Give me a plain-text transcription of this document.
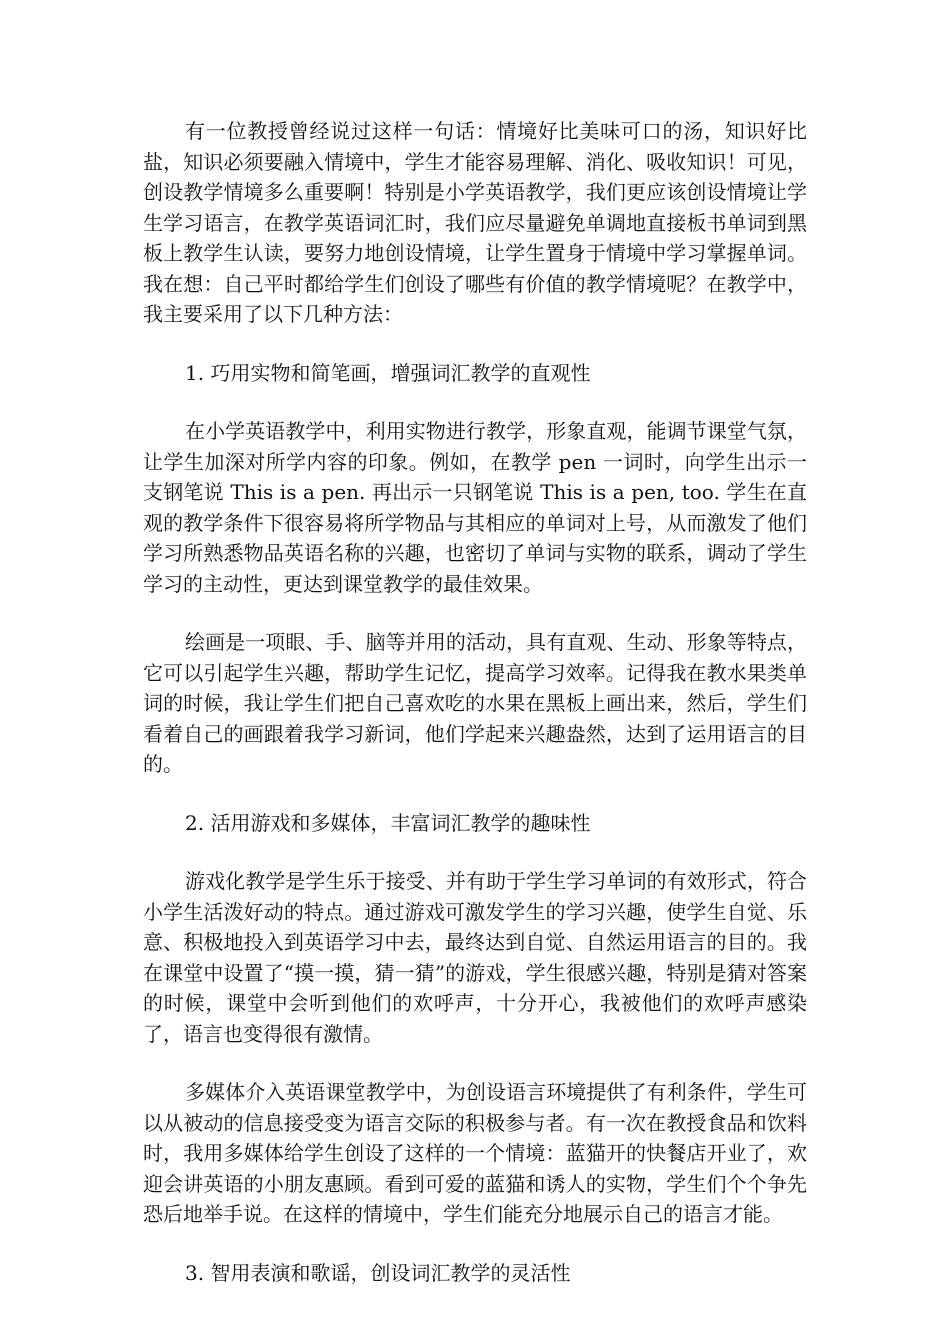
有一位教授曾经说过这样一句话：情境好比美味可口的汤，知识好比盐，知识必须要融入情境中，学生才能容易理解、消化、吸收知识！可见，创设教学情境多么重要啊！特别是小学英语教学，我们更应该创设情境让学生学习语言，在教学英语词汇时，我们应尽量避免单调地直接板书单词到黑板上教学生认读，要努力地创设情境，让学生置身于情境中学习掌握单词。我在想：自己平时都给学生们创设了哪些有价值的教学情境呢？在教学中，我主要采用了以下几种方法：

1. 巧用实物和简笔画，增强词汇教学的直观性

在小学英语教学中，利用实物进行教学，形象直观，能调节课堂气氛，让学生加深对所学内容的印象。例如，在教学 pen 一词时，向学生出示一支钢笔说 This is a pen. 再出示一只钢笔说 This is a pen, too. 学生在直观的教学条件下很容易将所学物品与其相应的单词对上号，从而激发了他们学习所熟悉物品英语名称的兴趣，也密切了单词与实物的联系，调动了学生学习的主动性，更达到课堂教学的最佳效果。

绘画是一项眼、手、脑等并用的活动，具有直观、生动、形象等特点，它可以引起学生兴趣，帮助学生记忆，提高学习效率。记得我在教水果类单词的时候，我让学生们把自己喜欢吃的水果在黑板上画出来，然后，学生们看着自己的画跟着我学习新词，他们学起来兴趣盎然，达到了运用语言的目的。

2. 活用游戏和多媒体，丰富词汇教学的趣味性

游戏化教学是学生乐于接受、并有助于学生学习单词的有效形式，符合小学生活泼好动的特点。通过游戏可激发学生的学习兴趣，使学生自觉、乐意、积极地投入到英语学习中去，最终达到自觉、自然运用语言的目的。我在课堂中设置了“摸一摸，猜一猜”的游戏，学生很感兴趣，特别是猜对答案的时候，课堂中会听到他们的欢呼声，十分开心，我被他们的欢呼声感染了，语言也变得很有激情。

多媒体介入英语课堂教学中，为创设语言环境提供了有利条件，学生可以从被动的信息接受变为语言交际的积极参与者。有一次在教授食品和饮料时，我用多媒体给学生创设了这样的一个情境：蓝猫开的快餐店开业了，欢迎会讲英语的小朋友惠顾。看到可爱的蓝猫和诱人的实物，学生们个个争先恐后地举手说。在这样的情境中，学生们能充分地展示自己的语言才能。

3. 智用表演和歌谣，创设词汇教学的灵活性
